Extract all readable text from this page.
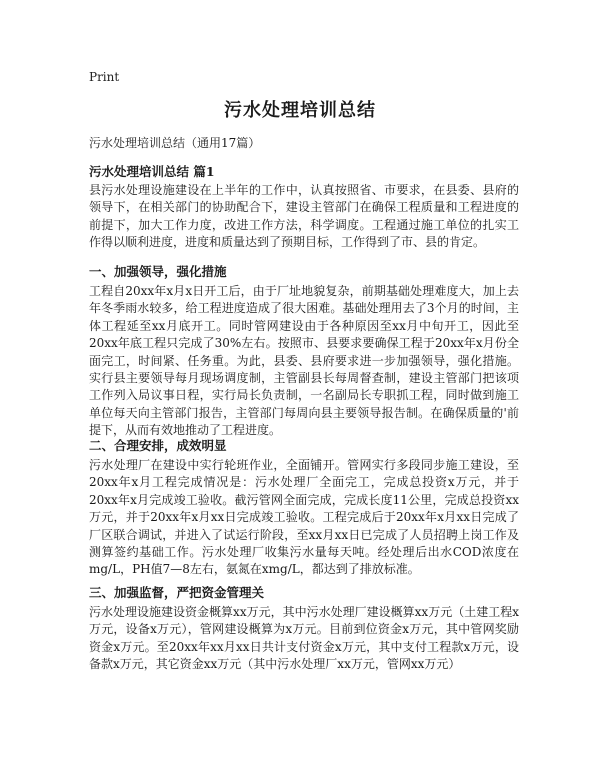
Print
污水处理培训总结
污水处理培训总结（通用17篇）
污水处理培训总结 篇1
县污水处理设施建设在上半年的工作中，认真按照省、市要求，在县委、县府的领导下，在相关部门的协助配合下，建设主管部门在确保工程质量和工程进度的前提下，加大工作力度，改进工作方法，科学调度。工程通过施工单位的扎实工作得以顺利进度，进度和质量达到了预期目标，工作得到了市、县的肯定。
一、加强领导，强化措施
工程自20xx年x月x日开工后，由于厂址地貌复杂，前期基础处理难度大，加上去年冬季雨水较多，给工程进度造成了很大困难。基础处理用去了3个月的时间，主体工程延至xx月底开工。同时管网建设由于各种原因至xx月中旬开工，因此至20xx年底工程只完成了30%左右。按照市、县要求要确保工程于20xx年x月份全面完工，时间紧、任务重。为此，县委、县府要求进一步加强领导，强化措施。实行县主要领导每月现场调度制，主管副县长每周督查制，建设主管部门把该项工作列入局议事日程，实行局长负责制，一名副局长专职抓工程，同时做到施工单位每天向主管部门报告，主管部门每周向县主要领导报告制。在确保质量的'前提下，从而有效地推动了工程进度。
二、合理安排，成效明显
污水处理厂在建设中实行轮班作业，全面铺开。管网实行多段同步施工建设，至20xx年x月工程完成情况是：污水处理厂全面完工，完成总投资x万元，并于20xx年x月完成竣工验收。截污管网全面完成，完成长度11公里，完成总投资xx万元，并于20xx年x月xx日完成竣工验收。工程完成后于20xx年x月xx日完成了厂区联合调试，并进入了试运行阶段，至xx月xx日已完成了人员招聘上岗工作及测算签约基础工作。污水处理厂收集污水量每天吨。经处理后出水COD浓度在mg/L，PH值7—8左右，氨氮在xmg/L，都达到了排放标准。
三、加强监督，严把资金管理关
污水处理设施建设资金概算xx万元，其中污水处理厂建设概算xx万元（土建工程x万元，设备x万元），管网建设概算为x万元。目前到位资金x万元，其中管网奖励资金x万元。至20xx年xx月xx日共计支付资金x万元，其中支付工程款x万元，设备款x万元，其它资金xx万元（其中污水处理厂xx万元，管网xx万元）
